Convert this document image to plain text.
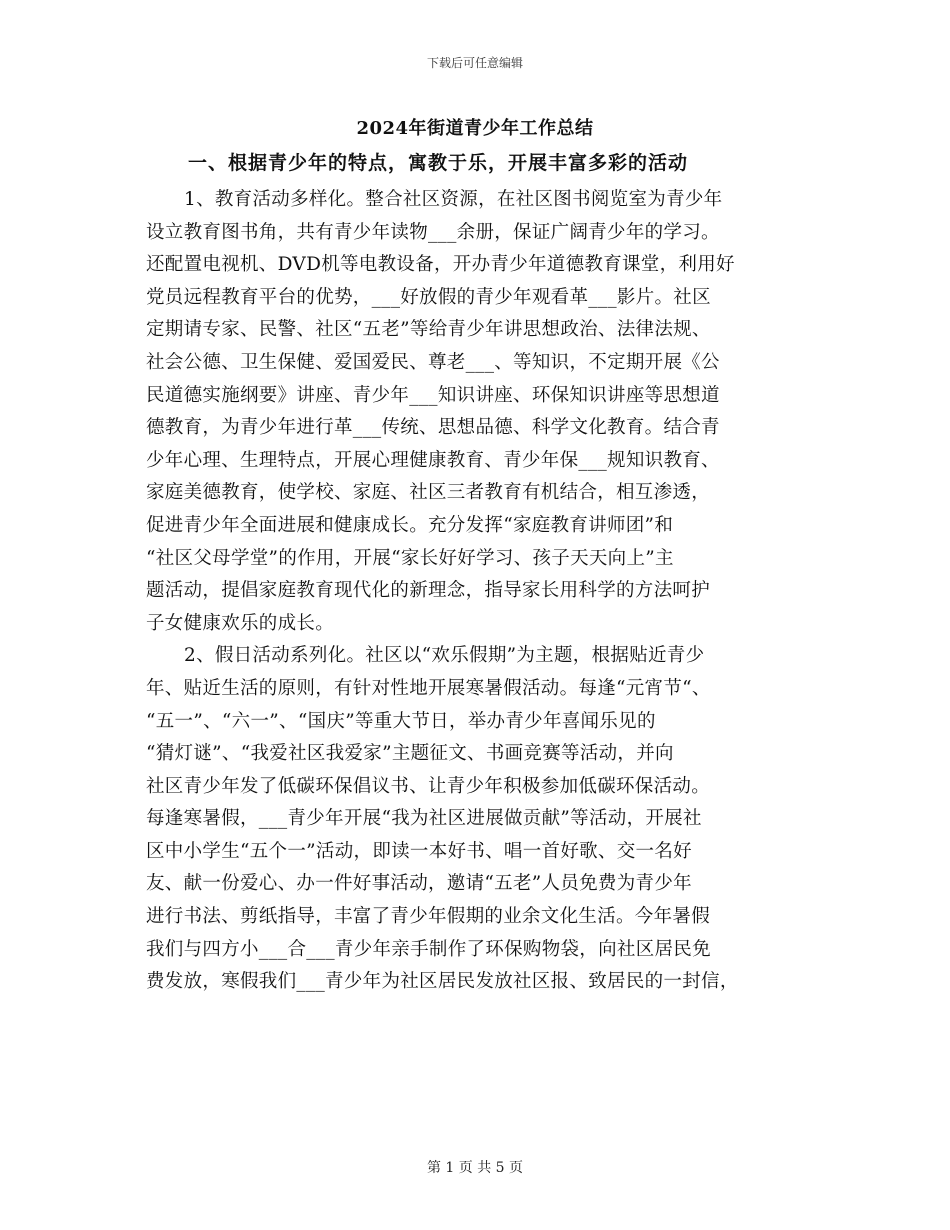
下载后可任意编辑
2024年街道青少年工作总结
一、根据青少年的特点，寓教于乐，开展丰富多彩的活动
1、教育活动多样化。整合社区资源，在社区图书阅览室为青少年
设立教育图书角，共有青少年读物___余册，保证广阔青少年的学习。
还配置电视机、DVD机等电教设备，开办青少年道德教育课堂，利用好
党员远程教育平台的优势，___好放假的青少年观看革___影片。社区
定期请专家、民警、社区“五老”等给青少年讲思想政治、法律法规、
社会公德、卫生保健、爱国爱民、尊老___、等知识，不定期开展《公
民道德实施纲要》讲座、青少年___知识讲座、环保知识讲座等思想道
德教育，为青少年进行革___传统、思想品德、科学文化教育。结合青
少年心理、生理特点，开展心理健康教育、青少年保___规知识教育、
家庭美德教育，使学校、家庭、社区三者教育有机结合，相互渗透，
促进青少年全面进展和健康成长。充分发挥“家庭教育讲师团”和
“社区父母学堂”的作用，开展“家长好好学习、孩子天天向上”主
题活动，提倡家庭教育现代化的新理念，指导家长用科学的方法呵护
子女健康欢乐的成长。
2、假日活动系列化。社区以“欢乐假期”为主题，根据贴近青少
年、贴近生活的原则，有针对性地开展寒暑假活动。每逢“元宵节“、
“五一”、“六一”、“国庆”等重大节日，举办青少年喜闻乐见的
“猜灯谜”、“我爱社区我爱家”主题征文、书画竞赛等活动，并向
社区青少年发了低碳环保倡议书、让青少年积极参加低碳环保活动。
每逢寒暑假，___青少年开展“我为社区进展做贡献”等活动，开展社
区中小学生“五个一”活动，即读一本好书、唱一首好歌、交一名好
友、献一份爱心、办一件好事活动，邀请“五老”人员免费为青少年
进行书法、剪纸指导，丰富了青少年假期的业余文化生活。今年暑假
我们与四方小___合___青少年亲手制作了环保购物袋，向社区居民免
费发放，寒假我们___青少年为社区居民发放社区报、致居民的一封信，
第 1 页 共 5 页
